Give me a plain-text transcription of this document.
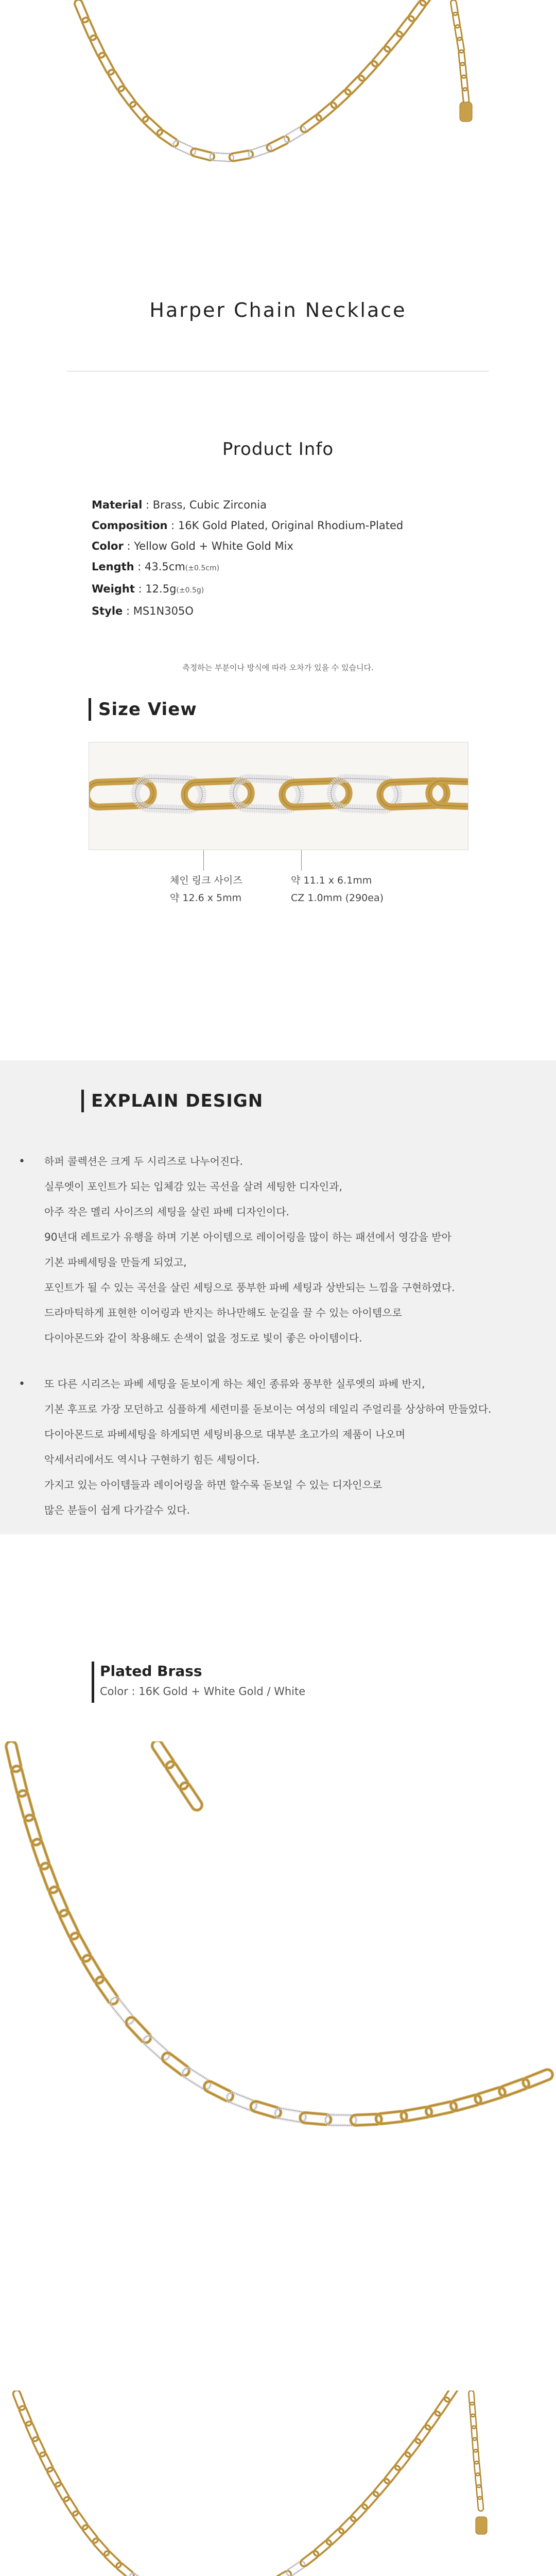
Harper Chain Necklace
Product Info
Material : Brass, Cubic Zirconia
Composition : 16K Gold Plated, Original Rhodium-Plated
Color : Yellow Gold + White Gold Mix
Length : 43.5cm(±0.5cm)
Weight : 12.5g(±0.5g)
Style : MS1N305O
측정하는 부분이나 방식에 따라 오차가 있을 수 있습니다.
Size View
체인 링크 사이즈
약 12.6 x 5mm
약 11.1 x 6.1mm
CZ 1.0mm (290ea)
EXPLAIN DESIGN
• 하퍼 콜렉션은 크게 두 시리즈로 나누어진다.

실루엣이 포인트가 되는 입체감 있는 곡선을 살려 세팅한 디자인과,

아주 작은 멜리 사이즈의 세팅을 살린 파베 디자인이다.

90년대 레트로가 유행을 하며 기본 아이템으로 레이어링을 많이 하는 패션에서 영감을 받아

기본 파베세팅을 만들게 되었고,

포인트가 될 수 있는 곡선을 살린 세팅으로 풍부한 파베 세팅과 상반되는 느낌을 구현하였다.

드라마틱하게 표현한 이어링과 반지는 하나만해도 눈길을 끌 수 있는 아이템으로

다이아몬드와 같이 착용해도 손색이 없을 정도로 빛이 좋은 아이템이다.

• 또 다른 시리즈는 파베 세팅을 돋보이게 하는 체인 종류와 풍부한 실루엣의 파베 반지,

기본 후프로 가장 모던하고 심플하게 세련미를 돋보이는 여성의 데일리 주얼리를 상상하여 만들었다.

다이아몬드로 파베세팅을 하게되면 세팅비용으로 대부분 초고가의 제품이 나오며

악세서리에서도 역시나 구현하기 힘든 세팅이다.

가지고 있는 아이템들과 레이어링을 하면 할수록 돋보일 수 있는 디자인으로

많은 분들이 쉽게 다가갈수 있다.

Plated Brass
Color : 16K Gold + White Gold / White
